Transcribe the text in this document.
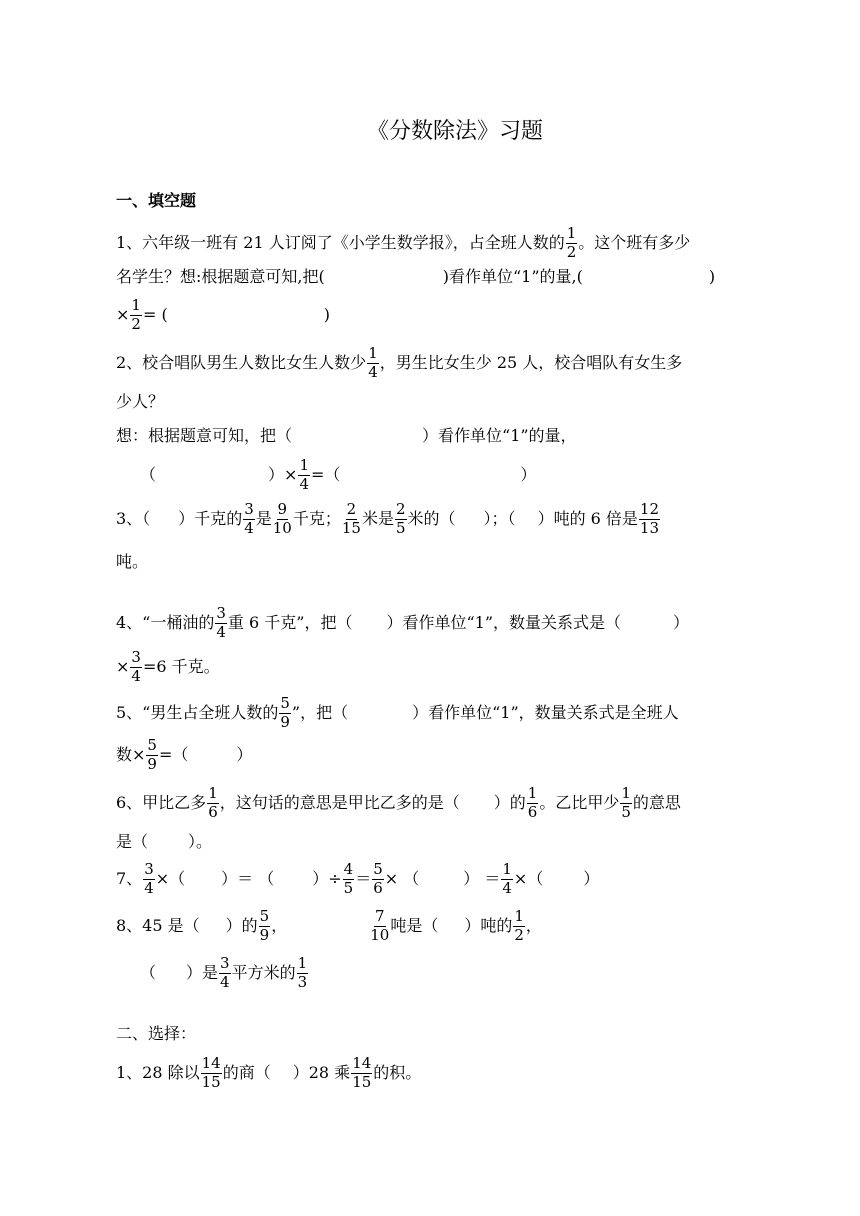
《分数除法》习题
一、填空题
1、六年级一班有 21 人订阅了《小学生数学报》，占全班人数的 $\frac{1}{2}$ 。这个班有多少
名学生？想:根据题意可知,把(	)看作单位“1”的量,(	)
× $\frac{1}{2}$ = (	)
2、校合唱队男生人数比女生人数少 $\frac{1}{4}$ ，男生比女生少 25 人，校合唱队有女生多
少人？
想：根据题意可知，把（	）看作单位“1”的量，
（	）× $\frac{1}{4}$ =（	）
3、（ ）千克的 $\frac{3}{4}$ 是 $\frac{9}{10}$ 千克； $\frac{2}{15}$ 米是 $\frac{2}{5}$ 米的（ ）；（ ）吨的 6 倍是 $\frac{12}{13}$
吨。
4、“一桶油的 $\frac{3}{4}$ 重 6 千克”，把（ ）看作单位“1”，数量关系式是（	）
× $\frac{3}{4} =6$ 千克。
5、“男生占全班人数的 $\frac{5}{9}$ ”，把（	）看作单位“1”，数量关系式是全班人
数× $\frac{5}{9}$ =（	）
6、甲比乙多 $\frac{1}{6}$ ，这句话的意思是甲比乙多的是（ ）的 $\frac{1}{6}$ 。乙比甲少 $\frac{1}{5}$ 的意思
是（	）。
7、 $\frac{3}{4}$ ×（ ）＝ （ ）÷ $\frac{4}{5} = \frac{5}{6}$ × （	） ＝ $\frac{1}{4}$ ×（	）
8、45 是（ ）的 $\frac{5}{9}$ ，	$\frac{7}{10}$ 吨是（ ）吨的 $\frac{1}{2}$ ，
（ ）是 $\frac{3}{4}$ 平方米的 $\frac{1}{3}$
二、选择：
1、28 除以 $\frac{14}{15}$ 的商（ ）28 乘 $\frac{14}{15}$ 的积。
